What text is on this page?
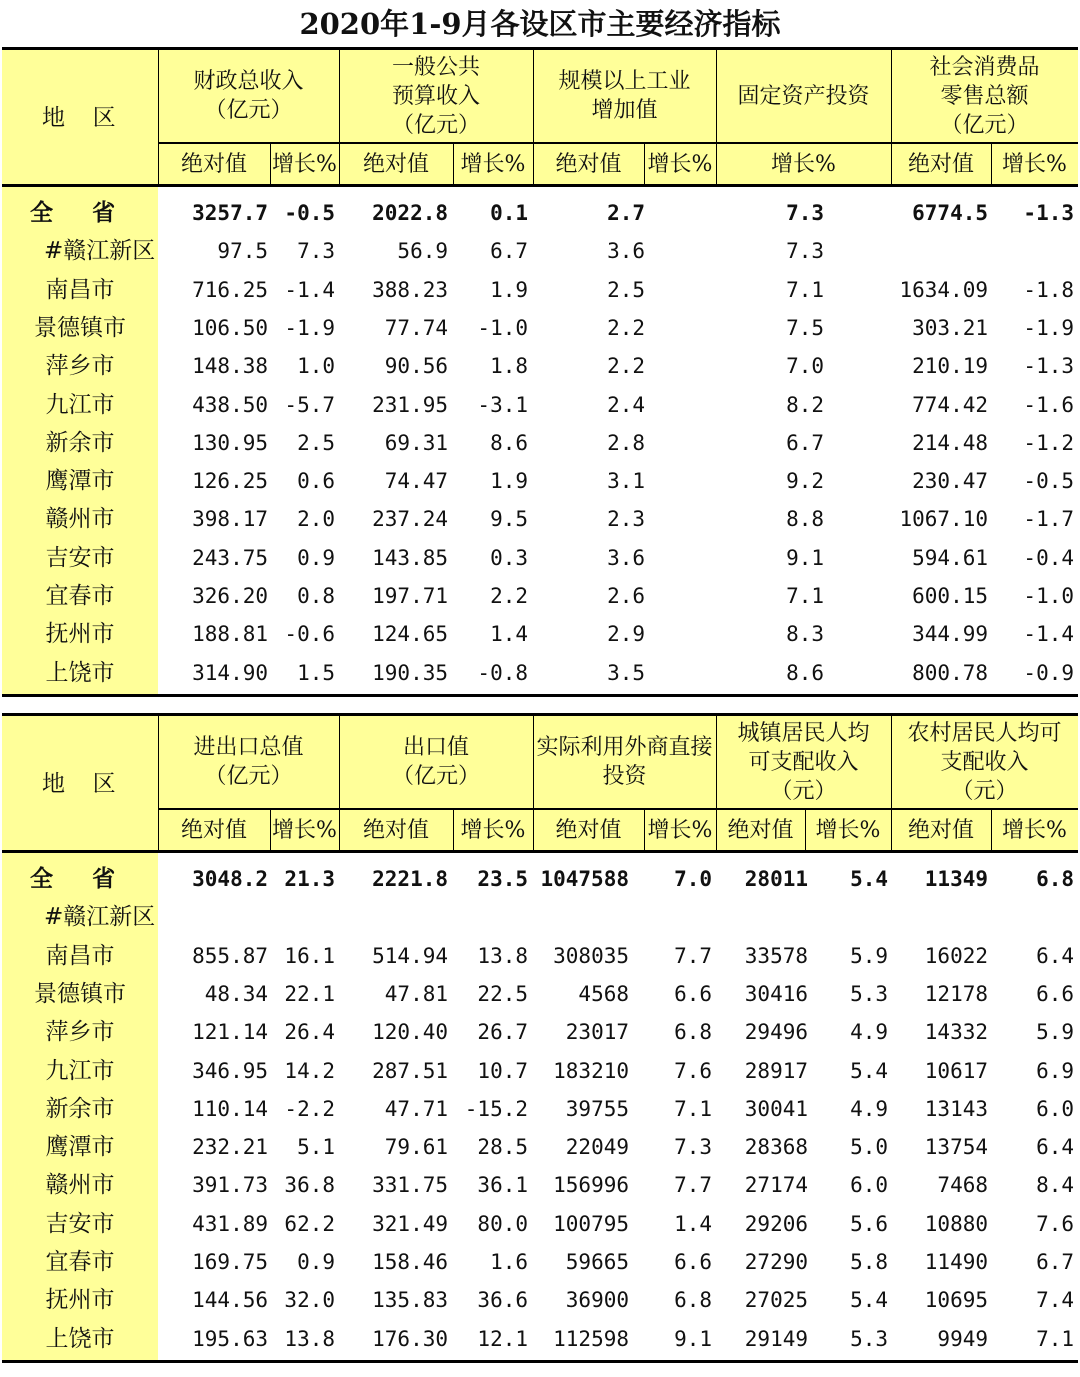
2020年1-9月各设区市主要经济指标
地　区
财政总收入
（亿元）
一般公共
预算收入
（亿元）
规模以上工业
增加值
固定资产投资
社会消费品
零售总额
（亿元）
绝对值	增长%	绝对值	增长%	绝对值	增长%	增长%	绝对值	增长%
全　省	3257.7 -0.5	2022.8	0.1	2.7	7.3	6774.5	-1.3
#赣江新区	97.5	7.3	56.9	6.7	3.6	7.3
南昌市	716.25 -1.4	388.23	1.9	2.5	7.1	1634.09	-1.8
景德镇市	106.50 -1.9	77.74	-1.0	2.2	7.5	303.21	-1.9
萍乡市	148.38	1.0	90.56	1.8	2.2	7.0	210.19	-1.3
九江市	438.50 -5.7	231.95	-3.1	2.4	8.2	774.42	-1.6
新余市	130.95	2.5	69.31	8.6	2.8	6.7	214.48	-1.2
鹰潭市	126.25	0.6	74.47	1.9	3.1	9.2	230.47	-0.5
赣州市	398.17	2.0	237.24	9.5	2.3	8.8	1067.10	-1.7
吉安市	243.75	0.9	143.85	0.3	3.6	9.1	594.61	-0.4
宜春市	326.20	0.8	197.71	2.2	2.6	7.1	600.15	-1.0
抚州市	188.81 -0.6	124.65	1.4	2.9	8.3	344.99	-1.4
上饶市	314.90	1.5	190.35	-0.8	3.5	8.6	800.78	-0.9
地　区
进出口总值
（亿元）
出口值
（亿元）
实际利用外商直接
投资
城镇居民人均
可支配收入
（元）
农村居民人均可
支配收入
（元）
绝对值	增长%	绝对值	增长%	绝对值	增长% 绝对值	增长%	绝对值	增长%
全　省	3048.2 21.3	2221.8	23.5 1047588	7.0	28011	5.4	11349	6.8
#赣江新区
南昌市	855.87 16.1	514.94	13.8	308035	7.7	33578	5.9	16022	6.4
景德镇市	48.34 22.1	47.81	22.5	4568	6.6	30416	5.3	12178	6.6
萍乡市	121.14 26.4	120.40	26.7	23017	6.8	29496	4.9	14332	5.9
九江市	346.95 14.2	287.51	10.7	183210	7.6	28917	5.4	10617	6.9
新余市	110.14 -2.2	47.71 -15.2	39755	7.1	30041	4.9	13143	6.0
鹰潭市	232.21	5.1	79.61	28.5	22049	7.3	28368	5.0	13754	6.4
赣州市	391.73 36.8	331.75	36.1	156996	7.7	27174	6.0	7468	8.4
吉安市	431.89 62.2	321.49	80.0	100795	1.4	29206	5.6	10880	7.6
宜春市	169.75	0.9	158.46	1.6	59665	6.6	27290	5.8	11490	6.7
抚州市	144.56 32.0	135.83	36.6	36900	6.8	27025	5.4	10695	7.4
上饶市	195.63 13.8	176.30	12.1	112598	9.1	29149	5.3	9949	7.1
